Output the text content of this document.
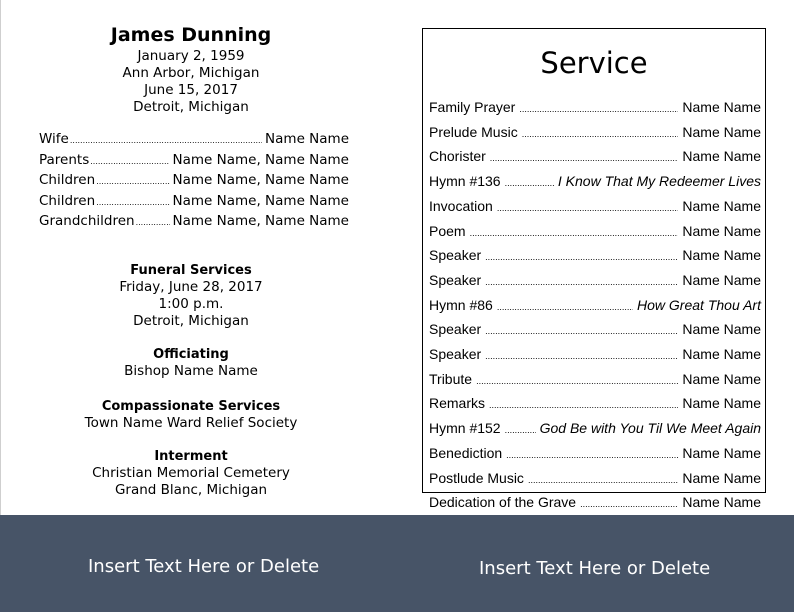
James Dunning
January 2, 1959
Ann Arbor, Michigan
June 15, 2017
Detroit, Michigan
Wife .....	Name Name
Parents .....	Name Name, Name Name
Children .....	Name Name, Name Name
Children .....	Name Name, Name Name
Grandchildren .....	Name Name, Name Name
Funeral Services
Friday, June 28, 2017
1:00 p.m.
Detroit, Michigan
Officiating
Bishop Name Name
Compassionate Services
Town Name Ward Relief Society
Interment
Christian Memorial Cemetery
Grand Blanc, Michigan
Service
Family Prayer .....	Name Name
Prelude Music .....	Name Name
Chorister .....	Name Name
Hymn #136 .....	I Know That My Redeemer Lives
Invocation .....	Name Name
Poem .....	Name Name
Speaker .....	Name Name
Speaker .....	Name Name
Hymn #86 .....	How Great Thou Art
Speaker .....	Name Name
Speaker .....	Name Name
Tribute .....	Name Name
Remarks .....	Name Name
Hymn #152 .....	God Be with You Til We Meet Again
Benediction .....	Name Name
Postlude Music .....	Name Name
Dedication of the Grave .....	Name Name
Insert Text Here or Delete	Insert Text Here or Delete
